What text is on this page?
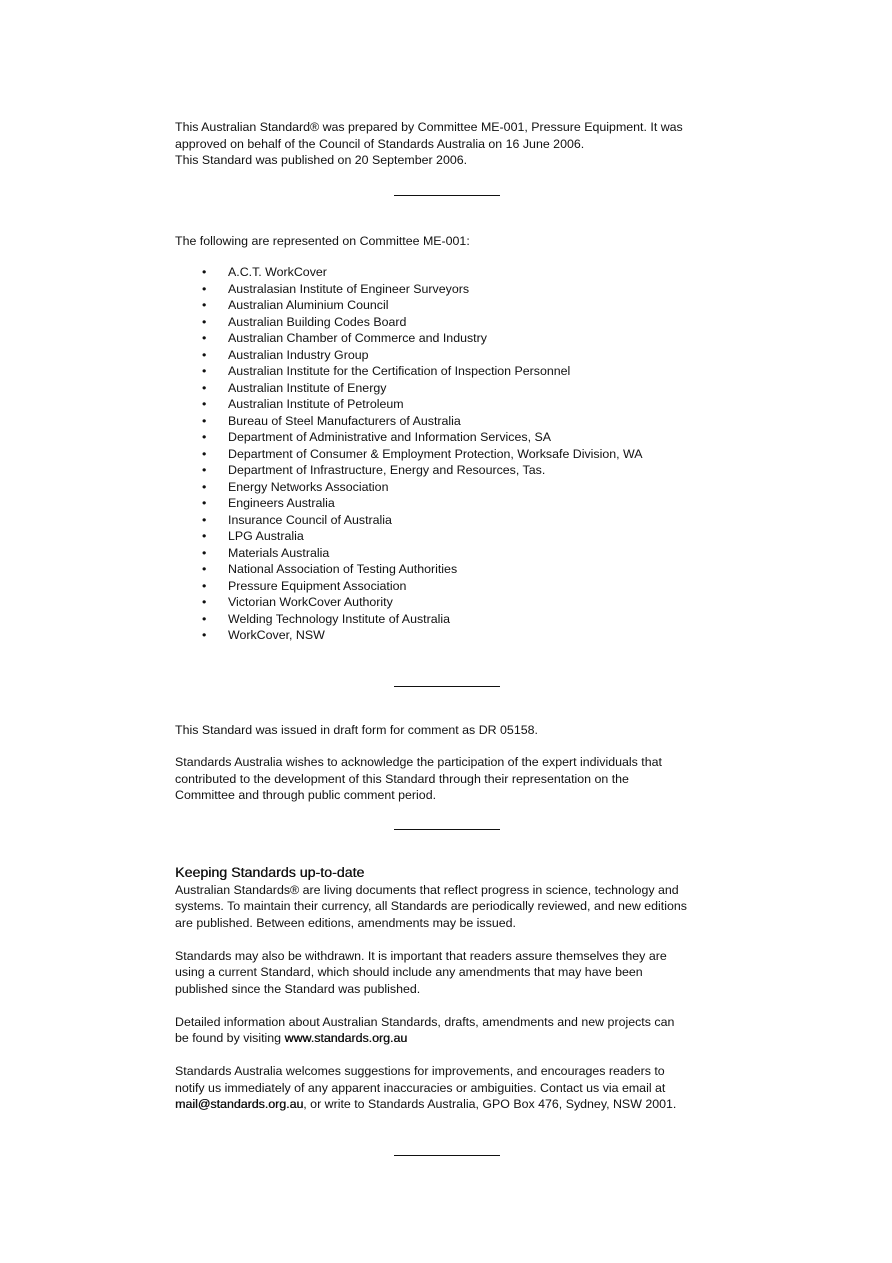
This Australian Standard® was prepared by Committee ME-001, Pressure Equipment. It was

approved on behalf of the Council of Standards Australia on 16 June 2006.

This Standard was published on 20 September 2006.

The following are represented on Committee ME-001:

• A.C.T. WorkCover
• Australasian Institute of Engineer Surveyors
• Australian Aluminium Council
• Australian Building Codes Board
• Australian Chamber of Commerce and Industry
• Australian Industry Group
• Australian Institute for the Certification of Inspection Personnel
• Australian Institute of Energy
• Australian Institute of Petroleum
• Bureau of Steel Manufacturers of Australia
• Department of Administrative and Information Services, SA
• Department of Consumer & Employment Protection, Worksafe Division, WA
• Department of Infrastructure, Energy and Resources, Tas.
• Energy Networks Association
• Engineers Australia
• Insurance Council of Australia
• LPG Australia
• Materials Australia
• National Association of Testing Authorities
• Pressure Equipment Association
• Victorian WorkCover Authority
• Welding Technology Institute of Australia
• WorkCover, NSW

This Standard was issued in draft form for comment as DR 05158.

Standards Australia wishes to acknowledge the participation of the expert individuals that

contributed to the development of this Standard through their representation on the

Committee and through public comment period.

Keeping Standards up-to-date

Australian Standards® are living documents that reflect progress in science, technology and

systems. To maintain their currency, all Standards are periodically reviewed, and new editions

are published. Between editions, amendments may be issued.

Standards may also be withdrawn. It is important that readers assure themselves they are

using a current Standard, which should include any amendments that may have been

published since the Standard was published.

Detailed information about Australian Standards, drafts, amendments and new projects can

be found by visiting www.standards.org.au

Standards Australia welcomes suggestions for improvements, and encourages readers to

notify us immediately of any apparent inaccuracies or ambiguities. Contact us via email at

mail@standards.org.au, or write to Standards Australia, GPO Box 476, Sydney, NSW 2001.
